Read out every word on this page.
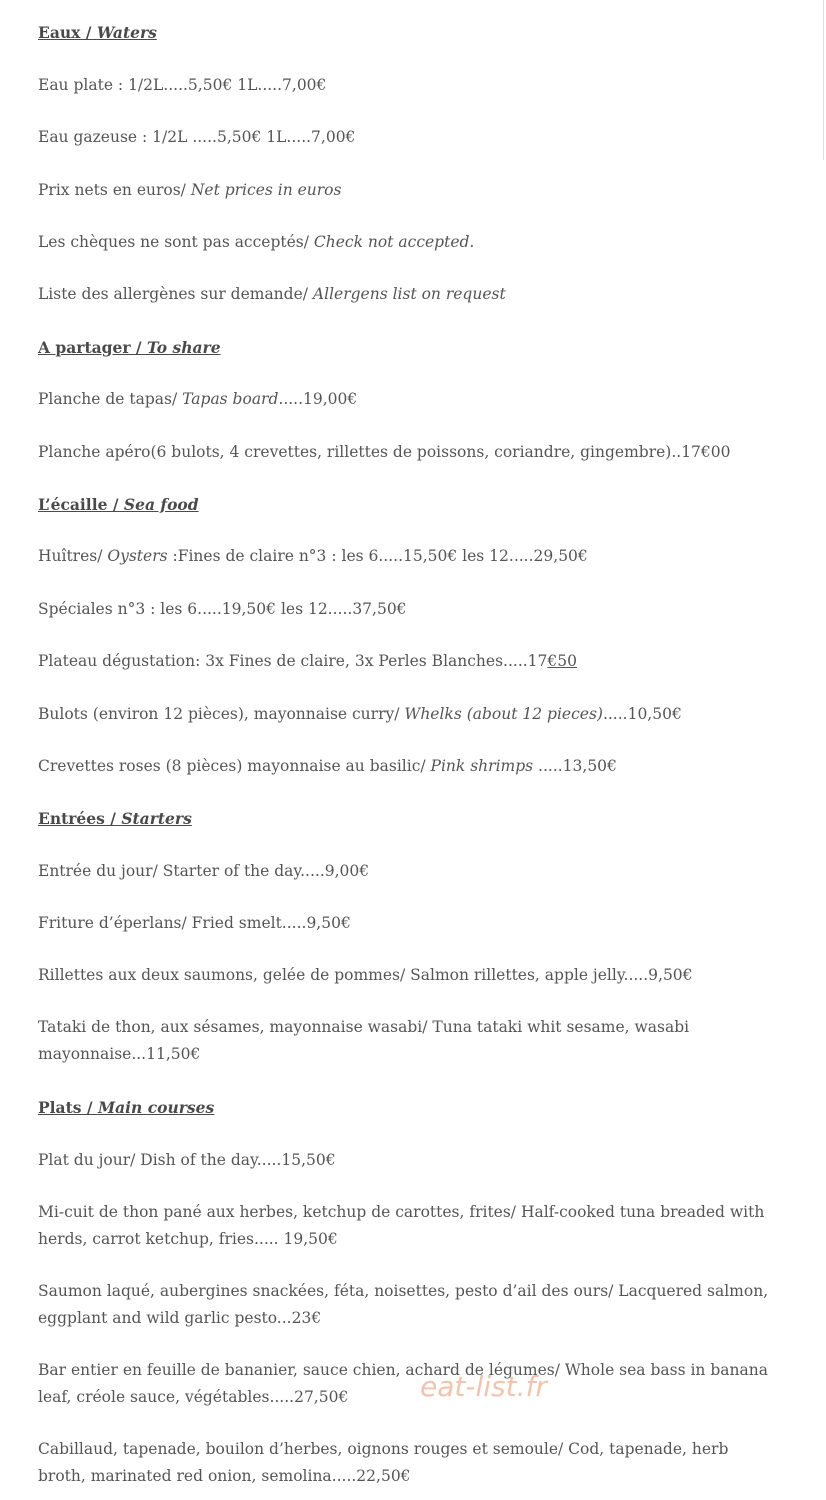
Eaux / Waters
Eau plate : 1/2L.....5,50€ 1L.....7,00€
Eau gazeuse : 1/2L .....5,50€ 1L.....7,00€
Prix nets en euros/ Net prices in euros
Les chèques ne sont pas acceptés/ Check not accepted.
Liste des allergènes sur demande/ Allergens list on request
A partager / To share
Planche de tapas/ Tapas board.....19,00€
Planche apéro(6 bulots, 4 crevettes, rillettes de poissons, coriandre, gingembre)..17€00
L’écaille / Sea food
Huîtres/ Oysters :Fines de claire n°3 : les 6.....15,50€ les 12.....29,50€
Spéciales n°3 : les 6.....19,50€ les 12.....37,50€
Plateau dégustation: 3x Fines de claire, 3x Perles Blanches.....17€50
Bulots (environ 12 pièces), mayonnaise curry/ Whelks (about 12 pieces).....10,50€
Crevettes roses (8 pièces) mayonnaise au basilic/ Pink shrimps .....13,50€
Entrées / Starters
Entrée du jour/ Starter of the day.....9,00€
Friture d’éperlans/ Fried smelt.....9,50€
Rillettes aux deux saumons, gelée de pommes/ Salmon rillettes, apple jelly.....9,50€
Tataki de thon, aux sésames, mayonnaise wasabi/ Tuna tataki whit sesame, wasabi mayonnaise...11,50€
Plats / Main courses
Plat du jour/ Dish of the day.....15,50€
Mi-cuit de thon pané aux herbes, ketchup de carottes, frites/ Half-cooked tuna breaded with herds, carrot ketchup, fries..... 19,50€
Saumon laqué, aubergines snackées, féta, noisettes, pesto d’ail des ours/ Lacquered salmon, eggplant and wild garlic pesto...23€
Bar entier en feuille de bananier, sauce chien, achard de légumes/ Whole sea bass in banana leaf, créole sauce, végétables.....27,50€
Cabillaud, tapenade, bouilon d’herbes, oignons rouges et semoule/ Cod, tapenade, herb broth, marinated red onion, semolina.....22,50€
eat-list.fr
